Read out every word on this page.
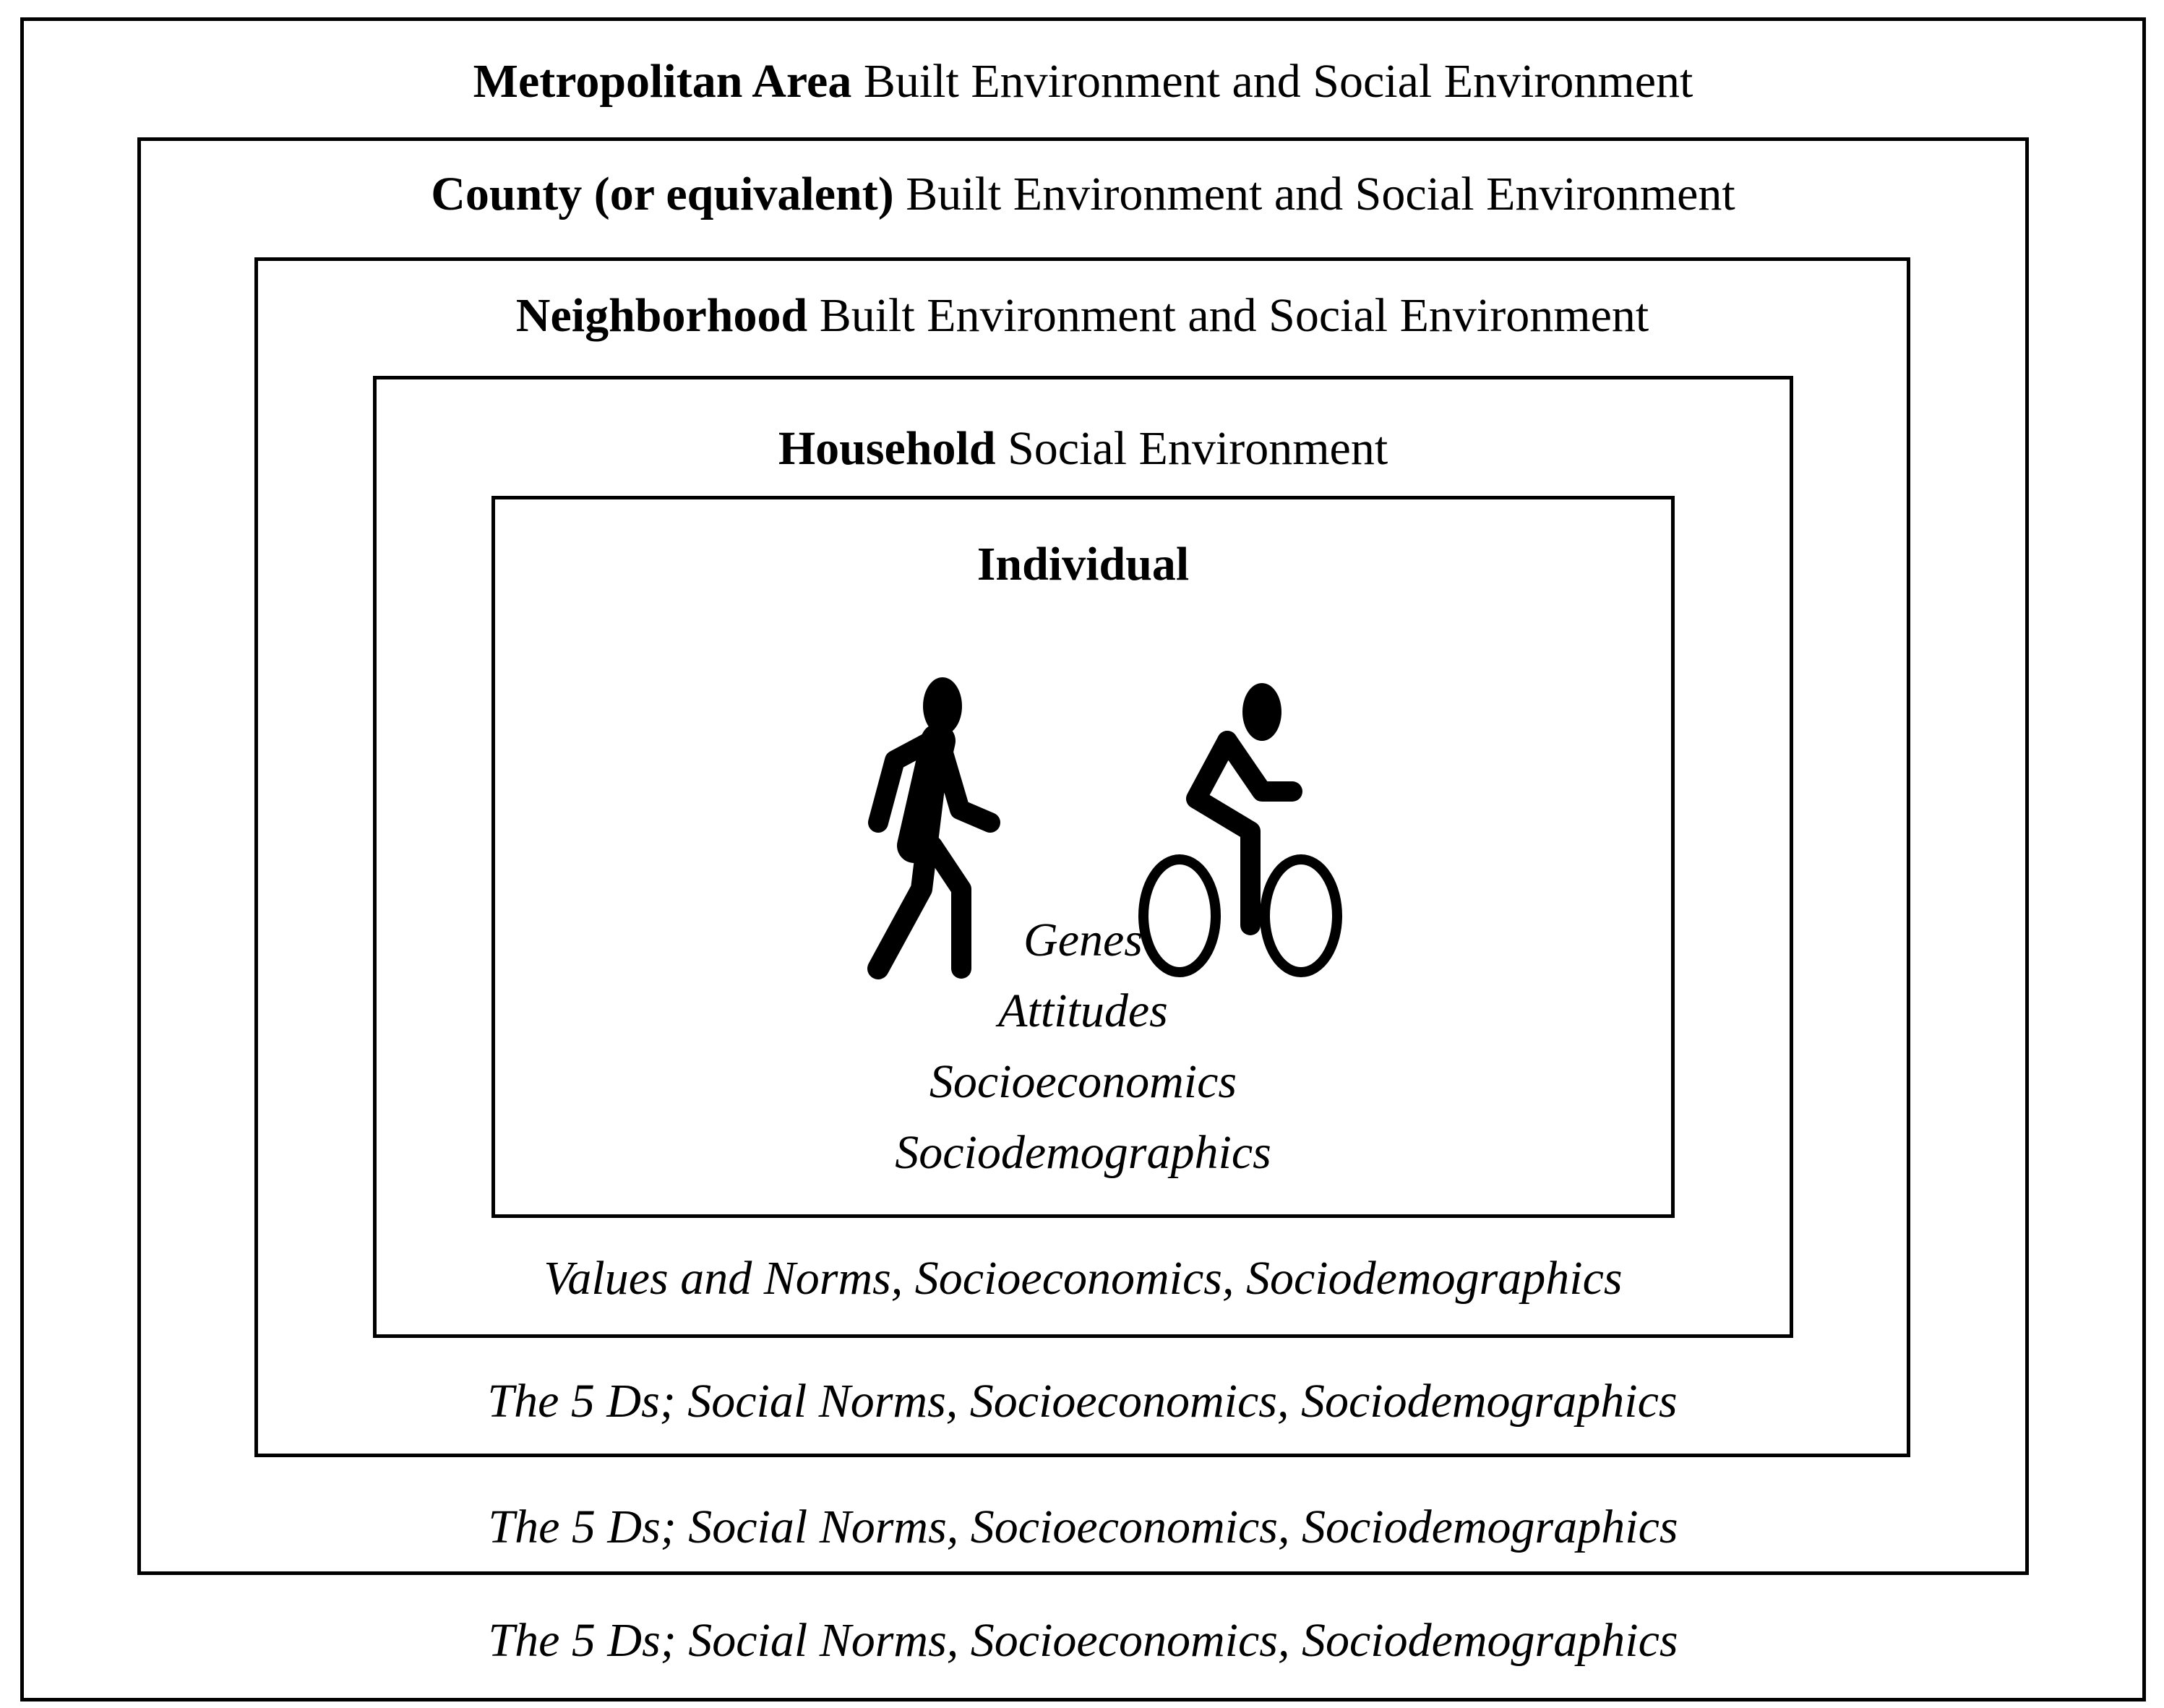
Metropolitan Area Built Environment and Social Environment
The 5 Ds; Social Norms, Socioeconomics, Sociodemographics
County (or equivalent) Built Environment and Social Environment
The 5 Ds; Social Norms, Socioeconomics, Sociodemographics
Neighborhood Built Environment and Social Environment
The 5 Ds; Social Norms, Socioeconomics, Sociodemographics
Household Social Environment
Values and Norms, Socioeconomics, Sociodemographics
Individual
Genes
Attitudes
Socioeconomics
Sociodemographics
